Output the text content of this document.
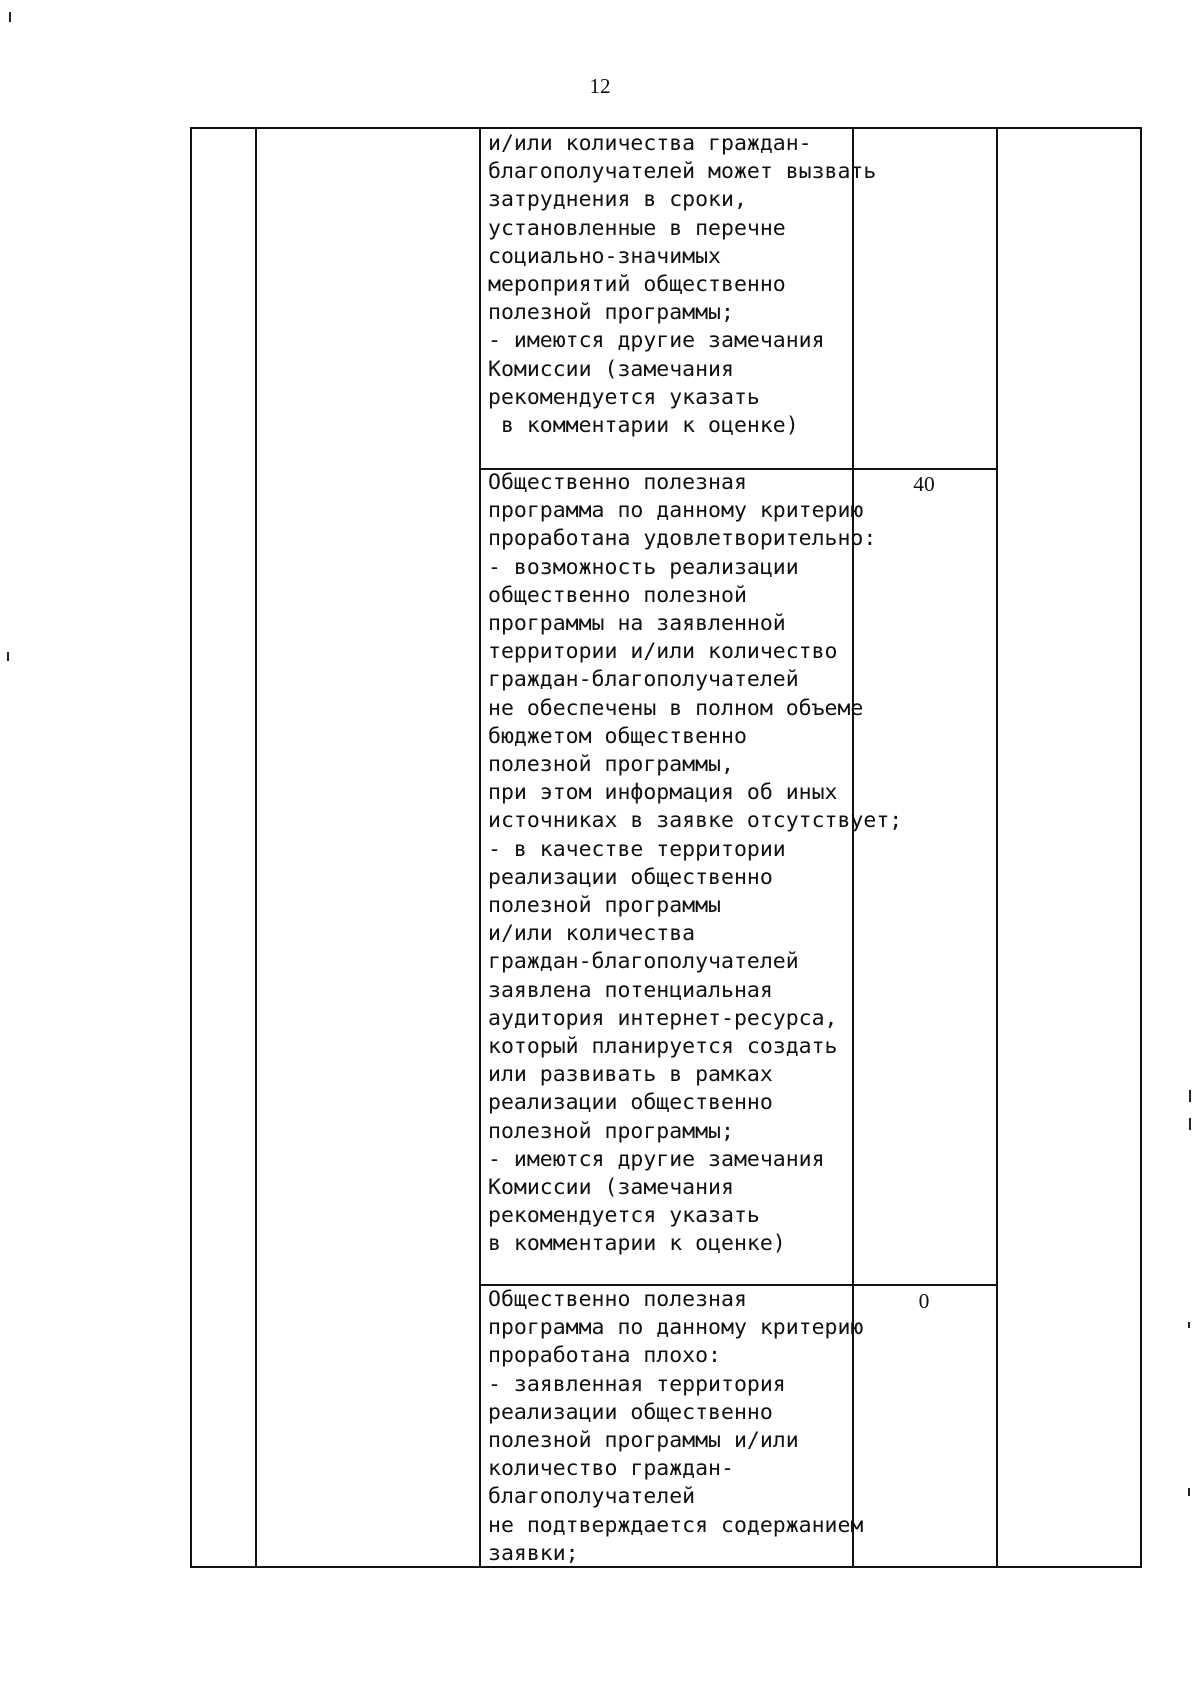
12
и/или количества граждан-
благополучателей может вызвать
затруднения в сроки,
установленные в перечне
социально-значимых
мероприятий общественно
полезной программы;
- имеются другие замечания
Комиссии (замечания
рекомендуется указать
в комментарии к оценке)
Общественно полезная
программа по данному критерию
проработана удовлетворительно:
- возможность реализации
общественно полезной
программы на заявленной
территории и/или количество
граждан-благополучателей
не обеспечены в полном объеме
бюджетом общественно
полезной программы,
при этом информация об иных
источниках в заявке отсутствует;
- в качестве территории
реализации общественно
полезной программы
и/или количества
граждан-благополучателей
заявлена потенциальная
аудитория интернет-ресурса,
который планируется создать
или развивать в рамках
реализации общественно
полезной программы;
- имеются другие замечания
Комиссии (замечания
рекомендуется указать
в комментарии к оценке)
40
Общественно полезная
программа по данному критерию
проработана плохо:
- заявленная территория
реализации общественно
полезной программы и/или
количество граждан-
благополучателей
не подтверждается содержанием
заявки;
0
